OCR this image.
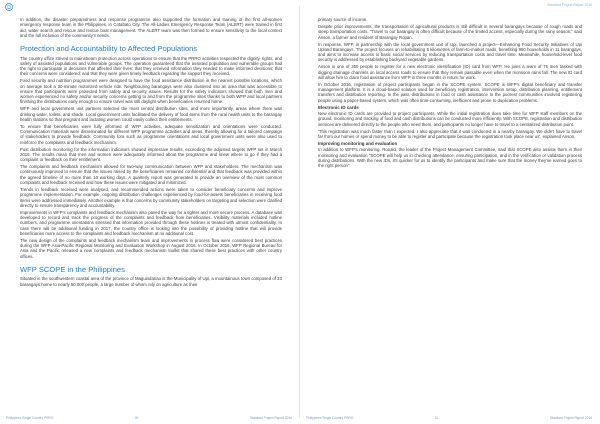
In addition, the disaster preparedness and response programme also supported the formation and training of the first all-women emergency response team in the Philippines, in Cotabato City. The All-Ladies Emergency Response Team (ALERT) were trained in first aid, water search and rescue and rescue boat management. The ALERT team was then formed to ensure sensitivity to the local context and the full inclusion of the community's needs.

Protection and Accountability to Affected Populations

The country office strived to mainstream protection across operations to ensure that the PRRO activities respected the dignity, rights, and safety of assisted populations and vulnerable groups. The operation guaranteed that the assisted population and vulnerable groups had the right to participate in decisions that affected their lives; that they received information they needed to make informed decisions; that their concerns were considered; and that they were given timely feedback regarding the support they received.

Food security and nutrition programmes were designed to have the food assistance distribution in the nearest possible locations, which on average took a 30-minute motorized vehicle ride. Neighbouring barangays were also clustered into an area that was accessible to ensure that participants were protected from safety and security issues. Results for the safety indicators showed that both men and women experienced no safety and/or security concerns getting to and from the programme sites thanks to both WFP and local partners finishing the distributions early enough to ensure travel was still daylight when beneficiaries returned home.

WFP and local government unit partners selected the most central distribution sites, and more importantly, areas where there was drinking water, toilets, and shade. Local government units facilitated the delivery of food items from the rural health units to the barangay health stations so that pregnant and lactating women could easily collect their entitlements.

To ensure that beneficiaries were fully informed of WFP activities, adequate sensitization and orientations were conducted. Communication materials were disseminated for different WFP programme activities and areas, thereby allowing for a tailored campaign of stakeholders to provide feedback. Community fora such as programme orientations and local government units were also used to reinforce the complaints and feedback mechanism.

Post distribution monitoring for the information indicators showed impressive results, exceeding the adjusted targets WFP set in March 2016. The results mean that men and women were adequately informed about the programme and knew where to go if they had a complaint or feedback on their entitlement.

The complaints and feedback mechanism allowed for two-way communication between WFP and stakeholders. The mechanism was continuously improved to ensure that the issues raised by the beneficiaries remained confidential and that feedback was provided within the agreed timeline of no more than 10 working days. A quarterly report was generated to provide an overview of the most common complaints and feedback received and how these issues were mitigated and minimized.

Trends in feedback received were analysed, and recommended actions were taken to consider beneficiary concerns and improve programme implementation. For example, ongoing distribution challenges experienced by food-for-assets beneficiaries in receiving food items were addressed immediately. Another example is that concerns by community stakeholders on targeting and selection were clarified directly to ensure transparency and accountability.

Improvements in WFP's complaints and feedback mechanism also paved the way for a tighter and more secure process. A database was developed to record and track the progress of the complaints and feedback from beneficiaries. Visibility materials included hotline numbers, and programme orientations stressed that information provided through these hotlines is treated with utmost confidentiality. In case there will be additional funding in 2017, the country office is looking into the possibility of providing hotline that will provide beneficiaries more access to the complaints and feedback mechanism at no additional cost.

The new design of the complaints and feedback mechanism team and improvements in process flow were considered best practices during the WFP Asia-Pacific Regional Monitoring and Evaluation Workshop in August 2016. In October 2016, WFP Regional Bureau for Asia and the Pacific released a new complaints and feedback mechanism toolkit that shared these best practices with other country offices.

WFP SCOPE in the Philippines

Situated in the southwestern coastal area of the province of Maguindanao is the Municipality of Upi, a mountainous town composed of 23 barangays home to nearly 50,000 people, a large number of whom rely on agriculture as their

Philippines Single Country PRRO	20	Standard Project Report 2016
Standard Project Report 2016

primary source of income.

Despite prior improvements, the transportation of agricultural products is still difficult in several barangays because of rough roads and steep transportation costs. "Travel to our barangay is often difficult because of the limited access, especially during the rainy season," said Anson, a farmer and resident of Barangay Ropan.

In response, WFP, in partnership with the local government unit of Upi, launched a project—Enhancing Food Security Initiatives of Upi Upland Barangays. The project focuses on rehabilitating 5 kilometres of farm-to-market roads, benefiting 950 households in 11 barangays, and aims to increase access to basic social services by reducing transportation costs and travel time. Meanwhile, household-level food security is addressed by establishing backyard vegetable gardens.

Anson is one of 350 people to register for a new electronic identification (ID) card from WFP. He joins a team of 75 men tasked with digging drainage channels on local access roads to ensure that they remain passable even when the monsoon rains fall. The new ID card will allow him to claim food assistance from WFP in three months in return for work.

In October 2016, registration of project participants began in the SCOPE system. SCOPE is WFP's digital beneficiary and transfer management platform. It is a cloud-based solution used for beneficiary registration, intervention setup, distribution planning, entitlement transfers and distribution reporting. In the past, distributions in food or cash assistance to the poorest communities involved registering people using a paper-based system, which was often time-consuming, inefficient and prone to duplication problems.

Electronic ID cards

New electronic ID cards are provided to project participants. While the initial registration does take time for WFP staff members on the ground, monitoring and tracking of food and cash distributions can be conducted more efficiently. With SCOPE, registration and distribution services are delivered directly to the people who need them, and participants no longer have to travel to a centralized distribution point.

'This registration was much faster than I expected. I also appreciate that it was conducted in a nearby barangay. We didn't have to travel far from our homes or spend money to be able to register and participate because the registration took place near us', explained Anson.

Improving monitoring and evaluation

In addition to WFP's monitoring, Ronald, the leader of the Project Management Committee, said that SCOPE also assists them in their monitoring and evaluation "SCOPE will help us in checking attendance, ensuring participation, and in the verification or validation process during distributions. With the new IDs, it's quicker for us to identify the participants and make sure that the money they've earned goes to the right person".

Philippines Single Country PRRO	21	Standard Project Report 2016
